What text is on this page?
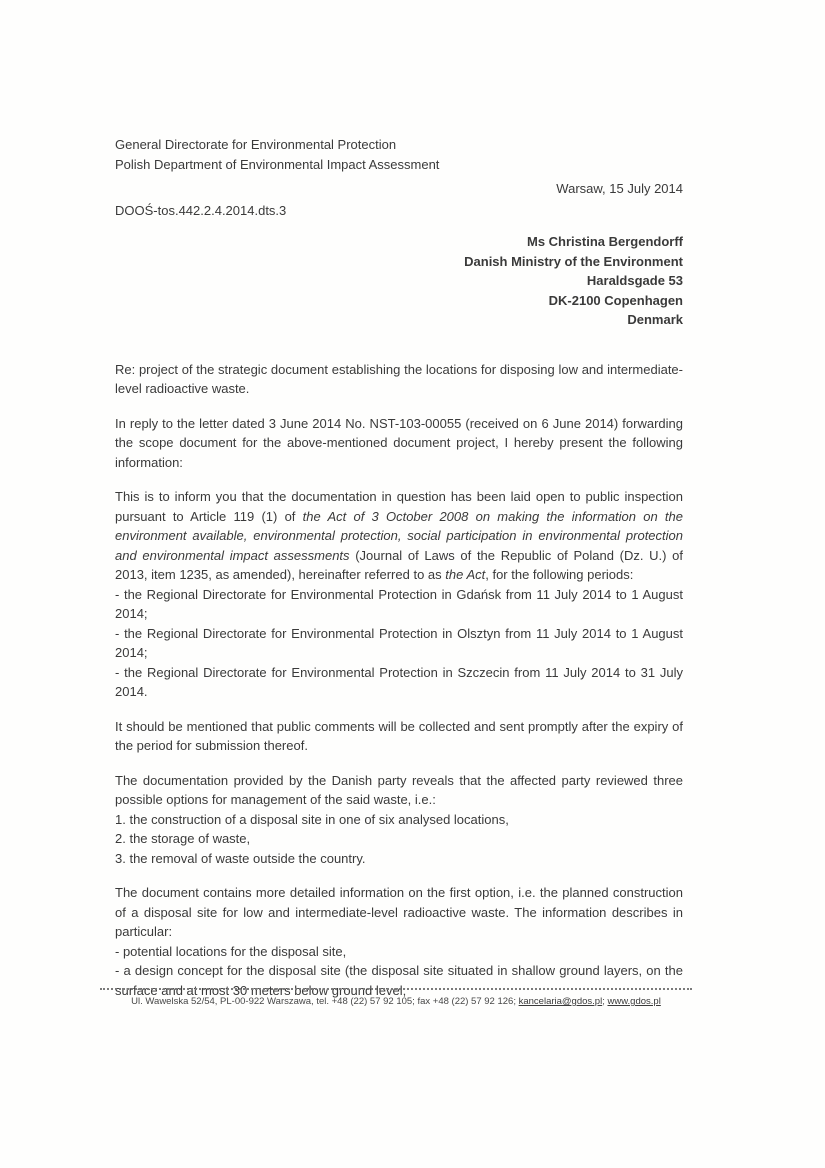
General Directorate for Environmental Protection
Polish Department of Environmental Impact Assessment
Warsaw, 15 July 2014
DOOŚ-tos.442.2.4.2014.dts.3
Ms Christina Bergendorff
Danish Ministry of the Environment
Haraldsgade 53
DK-2100 Copenhagen
Denmark
Re: project of the strategic document establishing the locations for disposing low and intermediate-level radioactive waste.
In reply to the letter dated 3 June 2014 No. NST-103-00055 (received on 6 June 2014) forwarding the scope document for the above-mentioned document project, I hereby present the following information:
This is to inform you that the documentation in question has been laid open to public inspection pursuant to Article 119 (1) of the Act of 3 October 2008 on making the information on the environment available, environmental protection, social participation in environmental protection and environmental impact assessments (Journal of Laws of the Republic of Poland (Dz. U.) of 2013, item 1235, as amended), hereinafter referred to as the Act, for the following periods:
- the Regional Directorate for Environmental Protection in Gdańsk from 11 July 2014 to 1 August 2014;
- the Regional Directorate for Environmental Protection in Olsztyn from 11 July 2014 to 1 August 2014;
- the Regional Directorate for Environmental Protection in Szczecin from 11 July 2014 to 31 July 2014.
It should be mentioned that public comments will be collected and sent promptly after the expiry of the period for submission thereof.
The documentation provided by the Danish party reveals that the affected party reviewed three possible options for management of the said waste, i.e.:
1. the construction of a disposal site in one of six analysed locations,
2. the storage of waste,
3. the removal of waste outside the country.
The document contains more detailed information on the first option, i.e. the planned construction of a disposal site for low and intermediate-level radioactive waste. The information describes in particular:
- potential locations for the disposal site,
- a design concept for the disposal site (the disposal site situated in shallow ground layers, on the surface and at most 30 meters below ground level;
Ul. Wawelska 52/54, PL-00-922 Warszawa, tel. +48 (22) 57 92 105; fax +48 (22) 57 92 126; kancelaria@gdos.pl; www.gdos.pl
